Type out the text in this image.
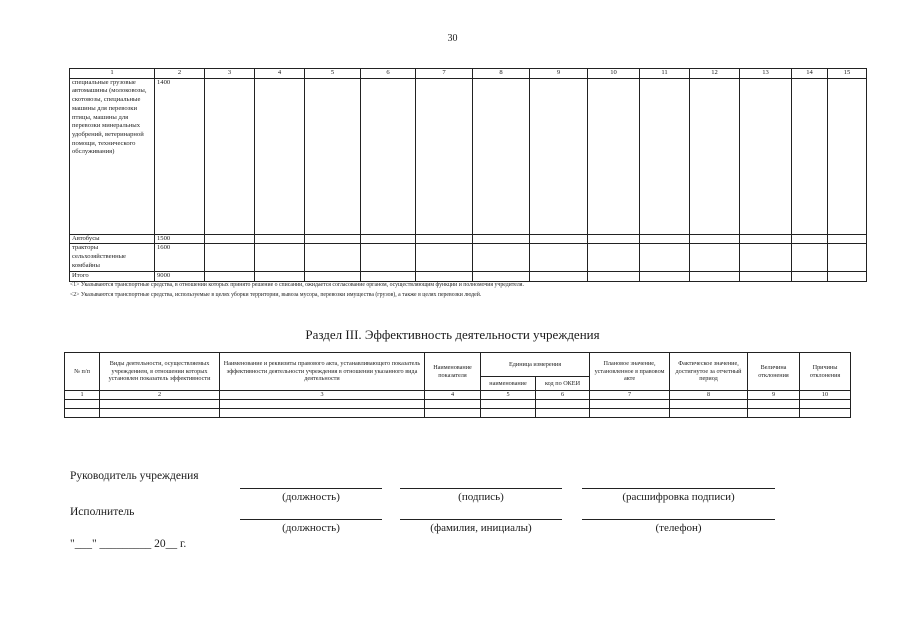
30
1	2	3	4	5	6	7	8	9	10	11	12	13	14	15
специальные грузовые автомашины (молоковозы, скотовозы, специальные машины для перевозки птицы, машины для перевозки минеральных удобрений, ветеринарной помощи, технического обслуживания)	1400													
Автобусы	1500													
тракторы сельхозяйственные комбайны	1600													
Итого	9000													
<1> Указываются транспортные средства, в отношении которых принято решение о списании, ожидается согласование органом, осуществляющим функции и полномочия учредителя.
<2> Указываются транспортные средства, используемые в целях уборки территории, вывоза мусора, перевозки имущества (грузов), а также в целях перевозки людей.
Раздел III. Эффективность деятельности учреждения
№ п/п	Виды деятельности, осуществляемых учреждением, в отношении которых установлен показатель эффективности	Наименование и реквизиты правового акта, устанавливающего показатель эффективности деятельности учреждения в отношении указанного вида деятельности	Наименование показателя	Единица измерения		Плановое значение, установленное в правовом акте	Фактическое значение, достигнутое за отчетный период	Величина отклонения	Причины отклонения
				наименование	код по ОКЕИ				
1	2	3	4	5	6	7	8	9	10

Руководитель учреждения
(должность)	(подпись)	(расшифровка подписи)
Исполнитель
(должность)	(фамилия, инициалы)	(телефон)
"___" _________ 20__ г.
